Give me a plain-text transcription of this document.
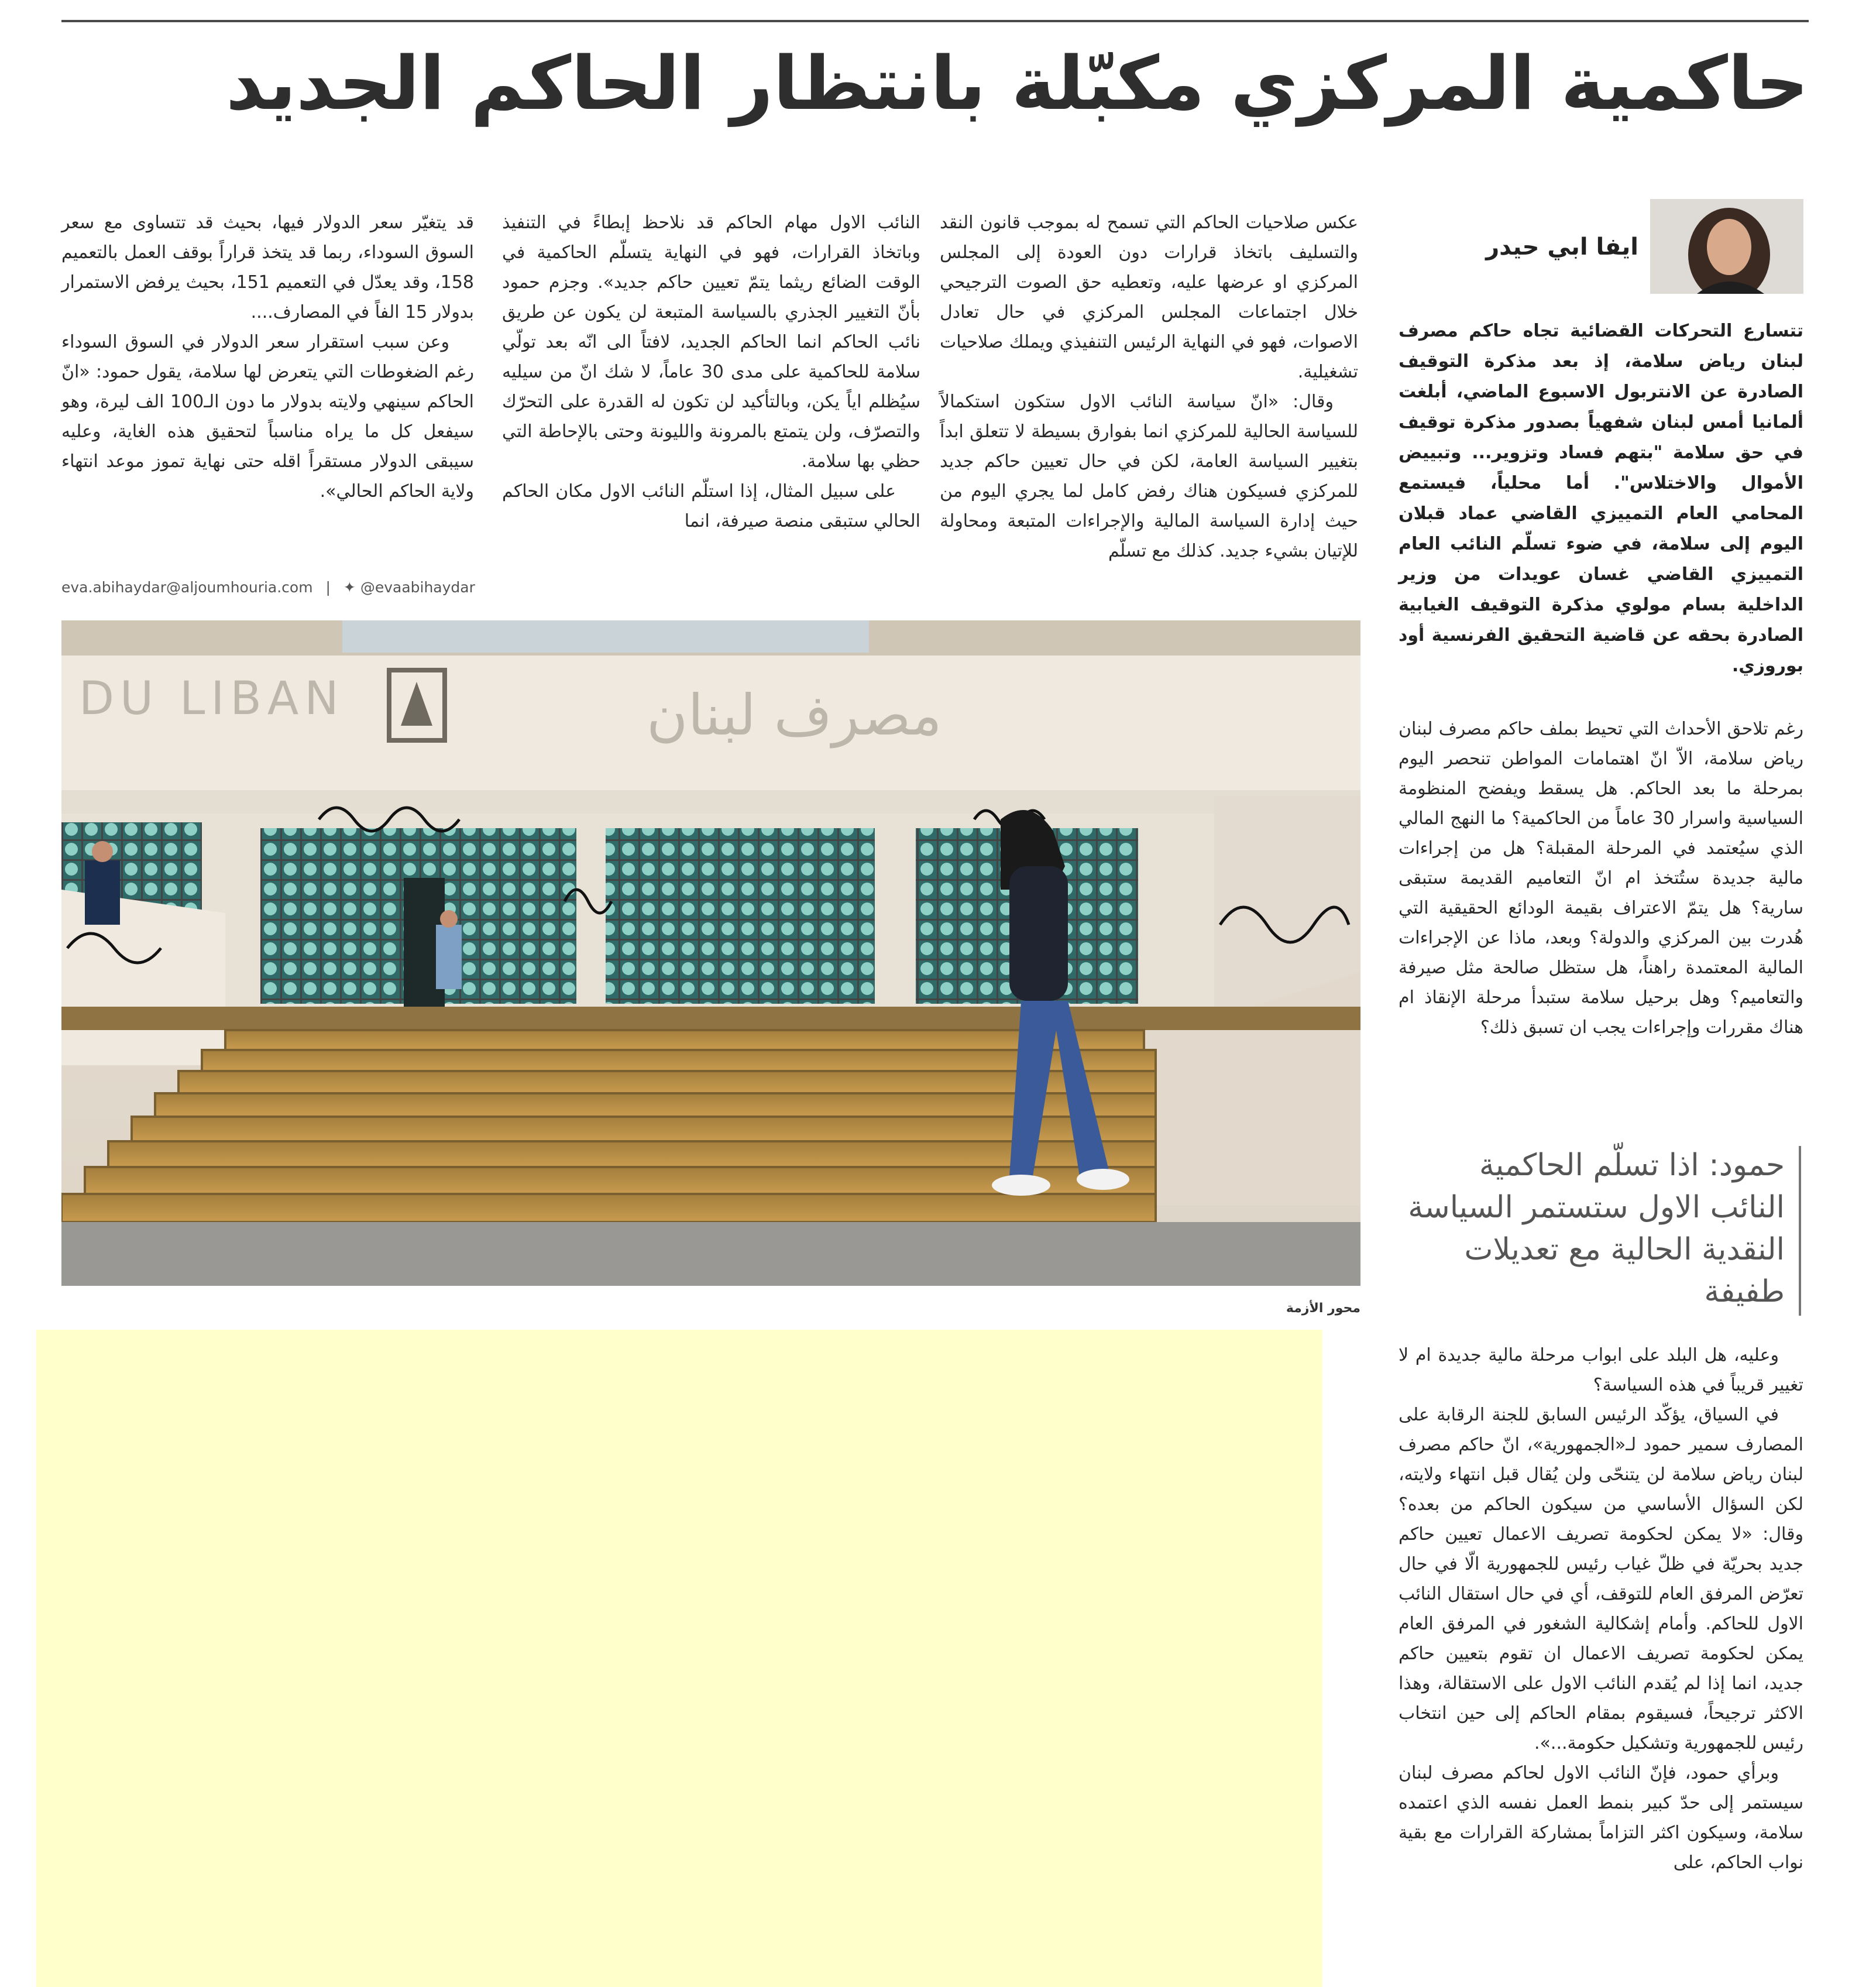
حاكمية المركزي مكبّلة بانتظار الحاكم الجديد
ايفا ابي حيدر
تتسارع التحركات القضائية تجاه حاكم مصرف لبنان رياض سلامة، إذ بعد مذكرة التوقيف الصادرة عن الانتربول الاسبوع الماضي، أبلغت ألمانيا أمس لبنان شفهياً بصدور مذكرة توقيف في حق سلامة "بتهم فساد وتزوير... وتبييض الأموال والاختلاس". أما محلياً، فيستمع المحامي العام التمييزي القاضي عماد قبلان اليوم إلى سلامة، في ضوء تسلّم النائب العام التمييزي القاضي غسان عويدات من وزير الداخلية بسام مولوي مذكرة التوقيف الغيابية الصادرة بحقه عن قاضية التحقيق الفرنسية أود بوروزي.

عكس صلاحيات الحاكم التي تسمح له بموجب قانون النقد والتسليف باتخاذ قرارات دون العودة إلى المجلس المركزي او عرضها عليه، وتعطيه حق الصوت الترجيحي خلال اجتماعات المجلس المركزي في حال تعادل الاصوات، فهو في النهاية الرئيس التنفيذي ويملك صلاحيات تشغيلية.

وقال: «انّ سياسة النائب الاول ستكون استكمالاً للسياسة الحالية للمركزي انما بفوارق بسيطة لا تتعلق ابداً بتغيير السياسة العامة، لكن في حال تعيين حاكم جديد للمركزي فسيكون هناك رفض كامل لما يجري اليوم من حيث إدارة السياسة المالية والإجراءات المتبعة ومحاولة للإتيان بشيء جديد. كذلك مع تسلّم

النائب الاول مهام الحاكم قد نلاحظ إبطاءً في التنفيذ وباتخاذ القرارات، فهو في النهاية يتسلّم الحاكمية في الوقت الضائع ريثما يتمّ تعيين حاكم جديد». وجزم حمود بأنّ التغيير الجذري بالسياسة المتبعة لن يكون عن طريق نائب الحاكم انما الحاكم الجديد، لافتاً الى انّه بعد تولّي سلامة للحاكمية على مدى 30 عاماً، لا شك انّ من سيليه سيُظلم اياً يكن، وبالتأكيد لن تكون له القدرة على التحرّك والتصرّف، ولن يتمتع بالمرونة والليونة وحتى بالإحاطة التي حظي بها سلامة.

على سبيل المثال، إذا استلّم النائب الاول مكان الحاكم الحالي ستبقى منصة صيرفة، انما

قد يتغيّر سعر الدولار فيها، بحيث قد تتساوى مع سعر السوق السوداء، ربما قد يتخذ قراراً بوقف العمل بالتعميم 158، وقد يعدّل في التعميم 151، بحيث يرفض الاستمرار بدولار 15 الفاً في المصارف....

وعن سبب استقرار سعر الدولار في السوق السوداء رغم الضغوطات التي يتعرض لها سلامة، يقول حمود: «انّ الحاكم سينهي ولايته بدولار ما دون الـ100 الف ليرة، وهو سيفعل كل ما يراه مناسباً لتحقيق هذه الغاية، وعليه سيبقى الدولار مستقراً اقله حتى نهاية تموز موعد انتهاء ولاية الحاكم الحالي».

eva.abihaydar@aljoumhouria.com | ✦ @evaabihaydar

رغم تلاحق الأحداث التي تحيط بملف حاكم مصرف لبنان رياض سلامة، الاّ انّ اهتمامات المواطن تنحصر اليوم بمرحلة ما بعد الحاكم. هل يسقط ويفضح المنظومة السياسية واسرار 30 عاماً من الحاكمية؟ ما النهج المالي الذي سيُعتمد في المرحلة المقبلة؟ هل من إجراءات مالية جديدة ستُتخذ ام انّ التعاميم القديمة ستبقى سارية؟ هل يتمّ الاعتراف بقيمة الودائع الحقيقية التي هُدرت بين المركزي والدولة؟ وبعد، ماذا عن الإجراءات المالية المعتمدة راهناً، هل ستظل صالحة مثل صيرفة والتعاميم؟ وهل برحيل سلامة ستبدأ مرحلة الإنقاذ ام هناك مقررات وإجراءات يجب ان تسبق ذلك؟

حمود: اذا تسلّم الحاكمية النائب الاول ستستمر السياسة النقدية الحالية مع تعديلات طفيفة

وعليه، هل البلد على ابواب مرحلة مالية جديدة ام لا تغيير قريباً في هذه السياسة؟

في السياق، يؤكّد الرئيس السابق للجنة الرقابة على المصارف سمير حمود لـ«الجمهورية»، انّ حاكم مصرف لبنان رياض سلامة لن يتنحّى ولن يُقال قبل انتهاء ولايته، لكن السؤال الأساسي من سيكون الحاكم من بعده؟ وقال: «لا يمكن لحكومة تصريف الاعمال تعيين حاكم جديد بحريّة في ظلّ غياب رئيس للجمهورية الّا في حال تعرّض المرفق العام للتوقف، أي في حال استقال النائب الاول للحاكم. وأمام إشكالية الشغور في المرفق العام يمكن لحكومة تصريف الاعمال ان تقوم بتعيين حاكم جديد، انما إذا لم يُقدم النائب الاول على الاستقالة، وهذا الاكثر ترجيحاً، فسيقوم بمقام الحاكم إلى حين انتخاب رئيس للجمهورية وتشكيل حكومة...».

وبرأي حمود، فإنّ النائب الاول لحاكم مصرف لبنان سيستمر إلى حدّ كبير بنمط العمل نفسه الذي اعتمده سلامة، وسيكون اكثر التزاماً بمشاركة القرارات مع بقية نواب الحاكم، على

DU LIBAN	مصرف لبنان
محور الأزمة
